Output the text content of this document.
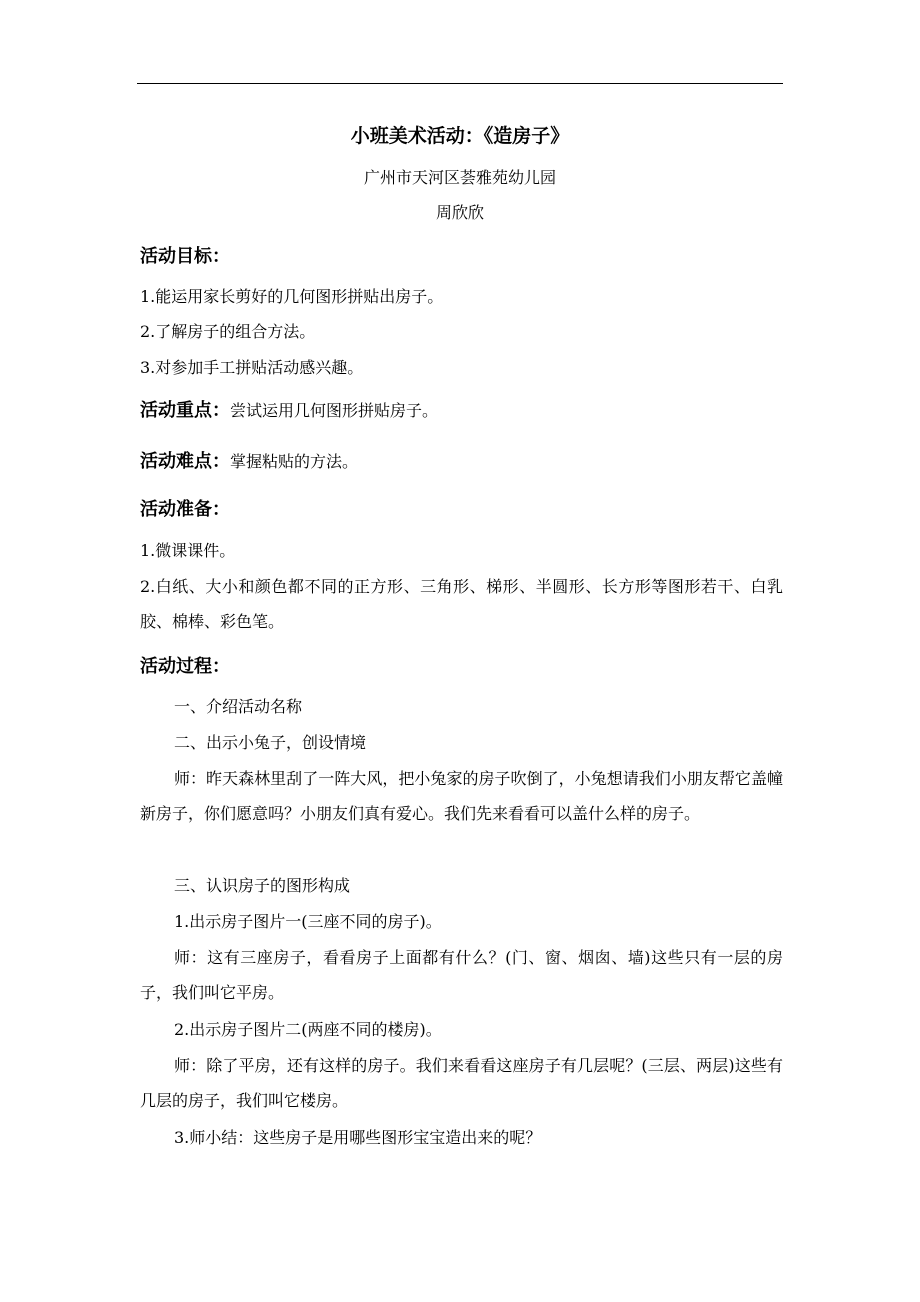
小班美术活动：《造房子》
广州市天河区荟雅苑幼儿园
周欣欣
活动目标：
1.能运用家长剪好的几何图形拼贴出房子。
2.了解房子的组合方法。
3.对参加手工拼贴活动感兴趣。
活动重点：尝试运用几何图形拼贴房子。
活动难点：掌握粘贴的方法。
活动准备：
1.微课课件。
2.白纸、大小和颜色都不同的正方形、三角形、梯形、半圆形、长方形等图形若干、白乳胶、棉棒、彩色笔。
活动过程：
一、介绍活动名称
二、出示小兔子，创设情境
师：昨天森林里刮了一阵大风，把小兔家的房子吹倒了，小兔想请我们小朋友帮它盖幢新房子，你们愿意吗？小朋友们真有爱心。我们先来看看可以盖什么样的房子。
三、认识房子的图形构成
1.出示房子图片一(三座不同的房子)。
师：这有三座房子，看看房子上面都有什么？(门、窗、烟囱、墙)这些只有一层的房子，我们叫它平房。
2.出示房子图片二(两座不同的楼房)。
师：除了平房，还有这样的房子。我们来看看这座房子有几层呢？(三层、两层)这些有几层的房子，我们叫它楼房。
3.师小结：这些房子是用哪些图形宝宝造出来的呢？
